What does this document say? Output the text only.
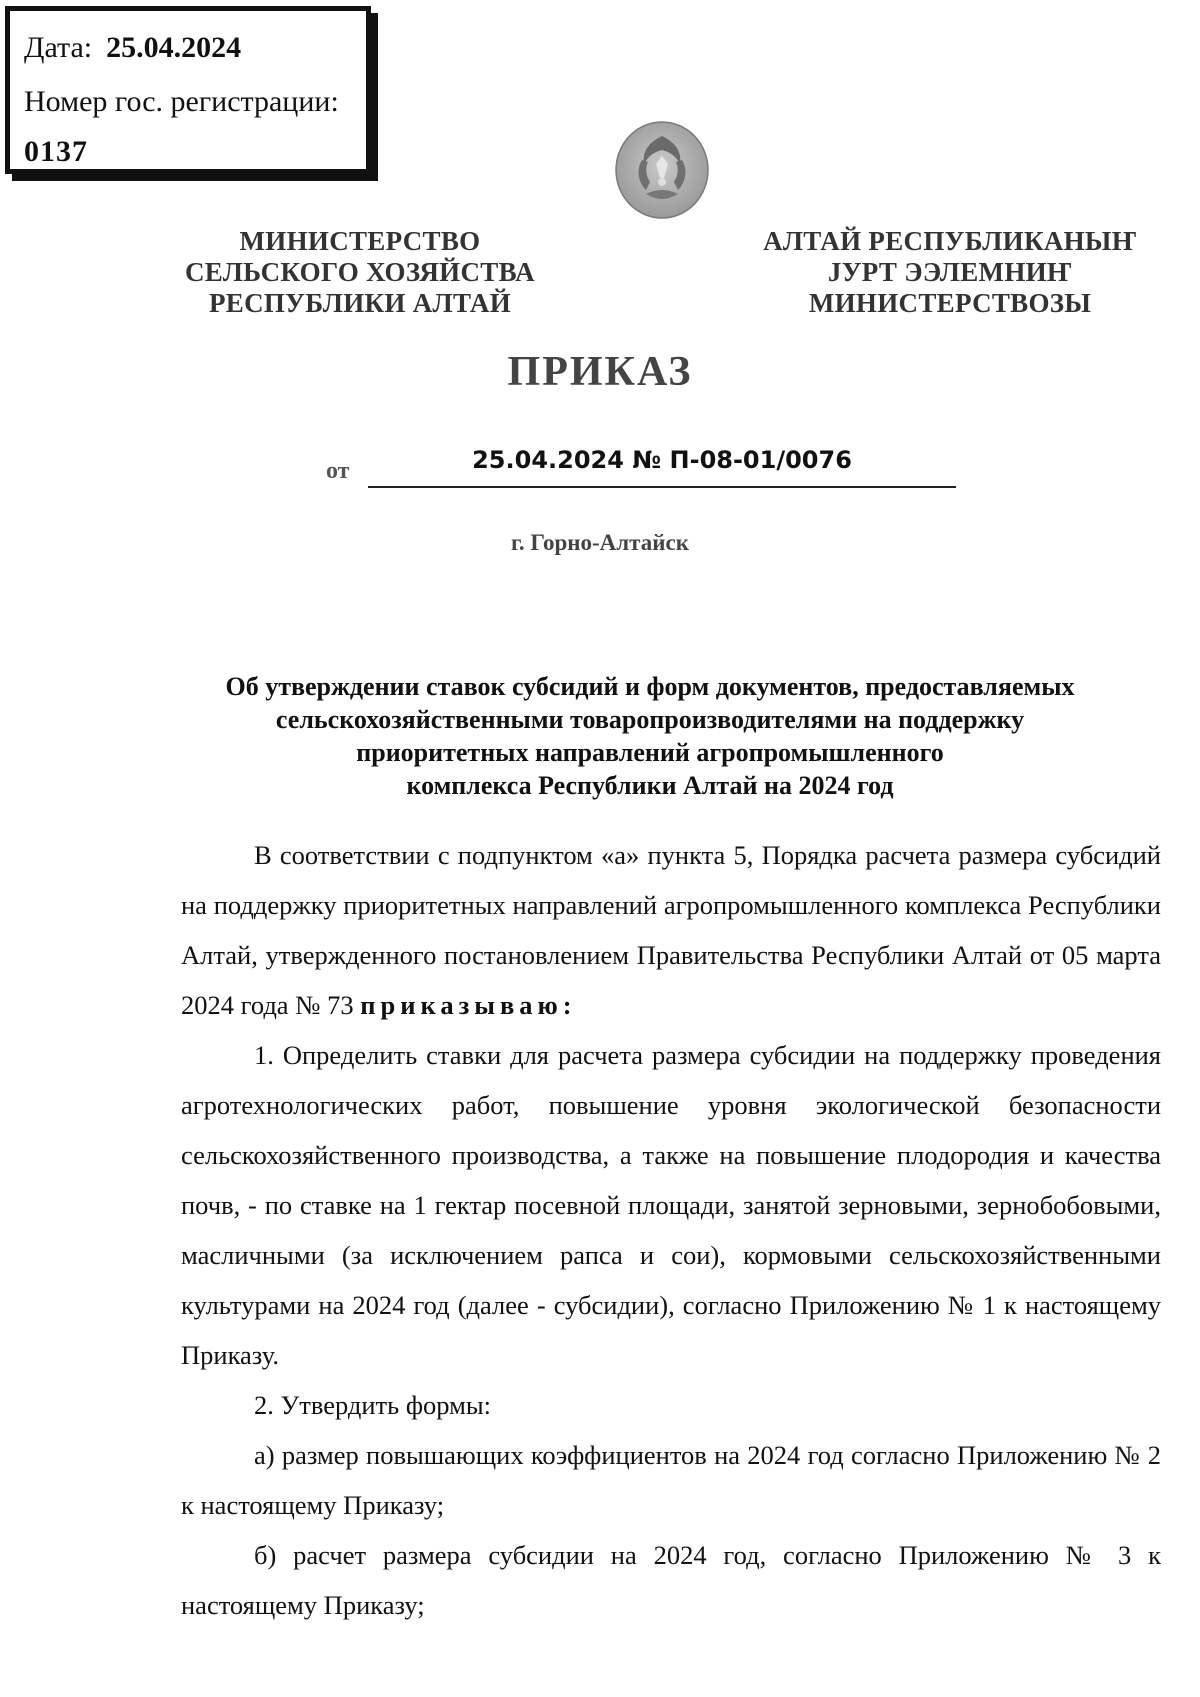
Дата: 25.04.2024
Номер гос. регистрации:
0137
МИНИСТЕРСТВО
СЕЛЬСКОГО ХОЗЯЙСТВА
РЕСПУБЛИКИ АЛТАЙ
АЛТАЙ РЕСПУБЛИКАНЫҤ
ЈУРТ ЭЭЛЕМНИҤ
МИНИСТЕРСТВОЗЫ
ПРИКАЗ
от	25.04.2024 № П-08-01/0076
г. Горно-Алтайск
Об утверждении ставок субсидий и форм документов, предоставляемых
сельскохозяйственными товаропроизводителями на поддержку
приоритетных направлений агропромышленного
комплекса Республики Алтай на 2024 год

В соответствии с подпунктом «а» пункта 5, Порядка расчета размера субсидий на поддержку приоритетных направлений агропромышленного комплекса Республики Алтай, утвержденного постановлением Правительства Республики Алтай от 05 марта 2024 года № 73 приказываю:

1. Определить ставки для расчета размера субсидии на поддержку проведения агротехнологических работ, повышение уровня экологической безопасности сельскохозяйственного производства, а также на повышение плодородия и качества почв, - по ставке на 1 гектар посевной площади, занятой зерновыми, зернобобовыми, масличными (за исключением рапса и сои), кормовыми сельскохозяйственными культурами на 2024 год (далее - субсидии), согласно Приложению № 1 к настоящему Приказу.

2. Утвердить формы:

а) размер повышающих коэффициентов на 2024 год согласно Приложению № 2 к настоящему Приказу;

б) расчет размера субсидии на 2024 год, согласно Приложению № 3 к настоящему Приказу;
